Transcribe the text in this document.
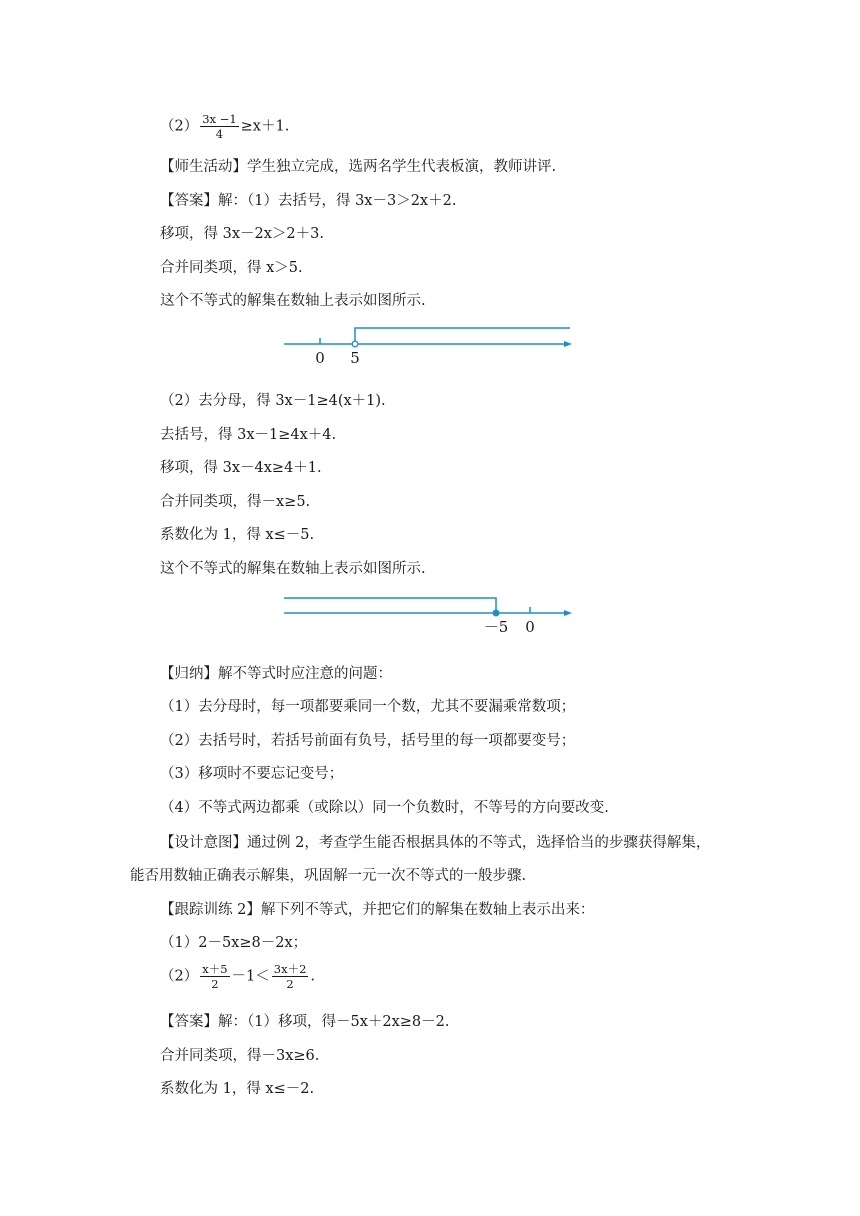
$(2) \frac{3x -1}{4} \ge x+1$.
【师生活动】学生独立完成，选两名学生代表板演，教师讲评.
【答案】解：（1）去括号，得 3x－3＞2x＋2.
移项，得 3x－2x＞2＋3.
合并同类项，得 x＞5.
这个不等式的解集在数轴上表示如图所示.
0 5
（2）去分母，得 3x－1≥4(x＋1).
去括号，得 3x－1≥4x＋4.
移项，得 3x－4x≥4＋1.
合并同类项，得－x≥5.
系数化为 1，得 x≤－5.
这个不等式的解集在数轴上表示如图所示.
－5 0
【归纳】解不等式时应注意的问题：
（1）去分母时，每一项都要乘同一个数，尤其不要漏乘常数项；
（2）去括号时，若括号前面有负号，括号里的每一项都要变号；
（3）移项时不要忘记变号；
（4）不等式两边都乘（或除以）同一个负数时，不等号的方向要改变.
【设计意图】通过例 2，考查学生能否根据具体的不等式，选择恰当的步骤获得解集，
能否用数轴正确表示解集，巩固解一元一次不等式的一般步骤.
【跟踪训练 2】解下列不等式，并把它们的解集在数轴上表示出来：
（1）2－5x≥8－2x；
$(2) \frac{x+5}{2} -1< \frac{3x+2}{2}$ .
【答案】解：（1）移项，得－5x＋2x≥8－2.
合并同类项，得－3x≥6.
系数化为 1，得 x≤－2.
